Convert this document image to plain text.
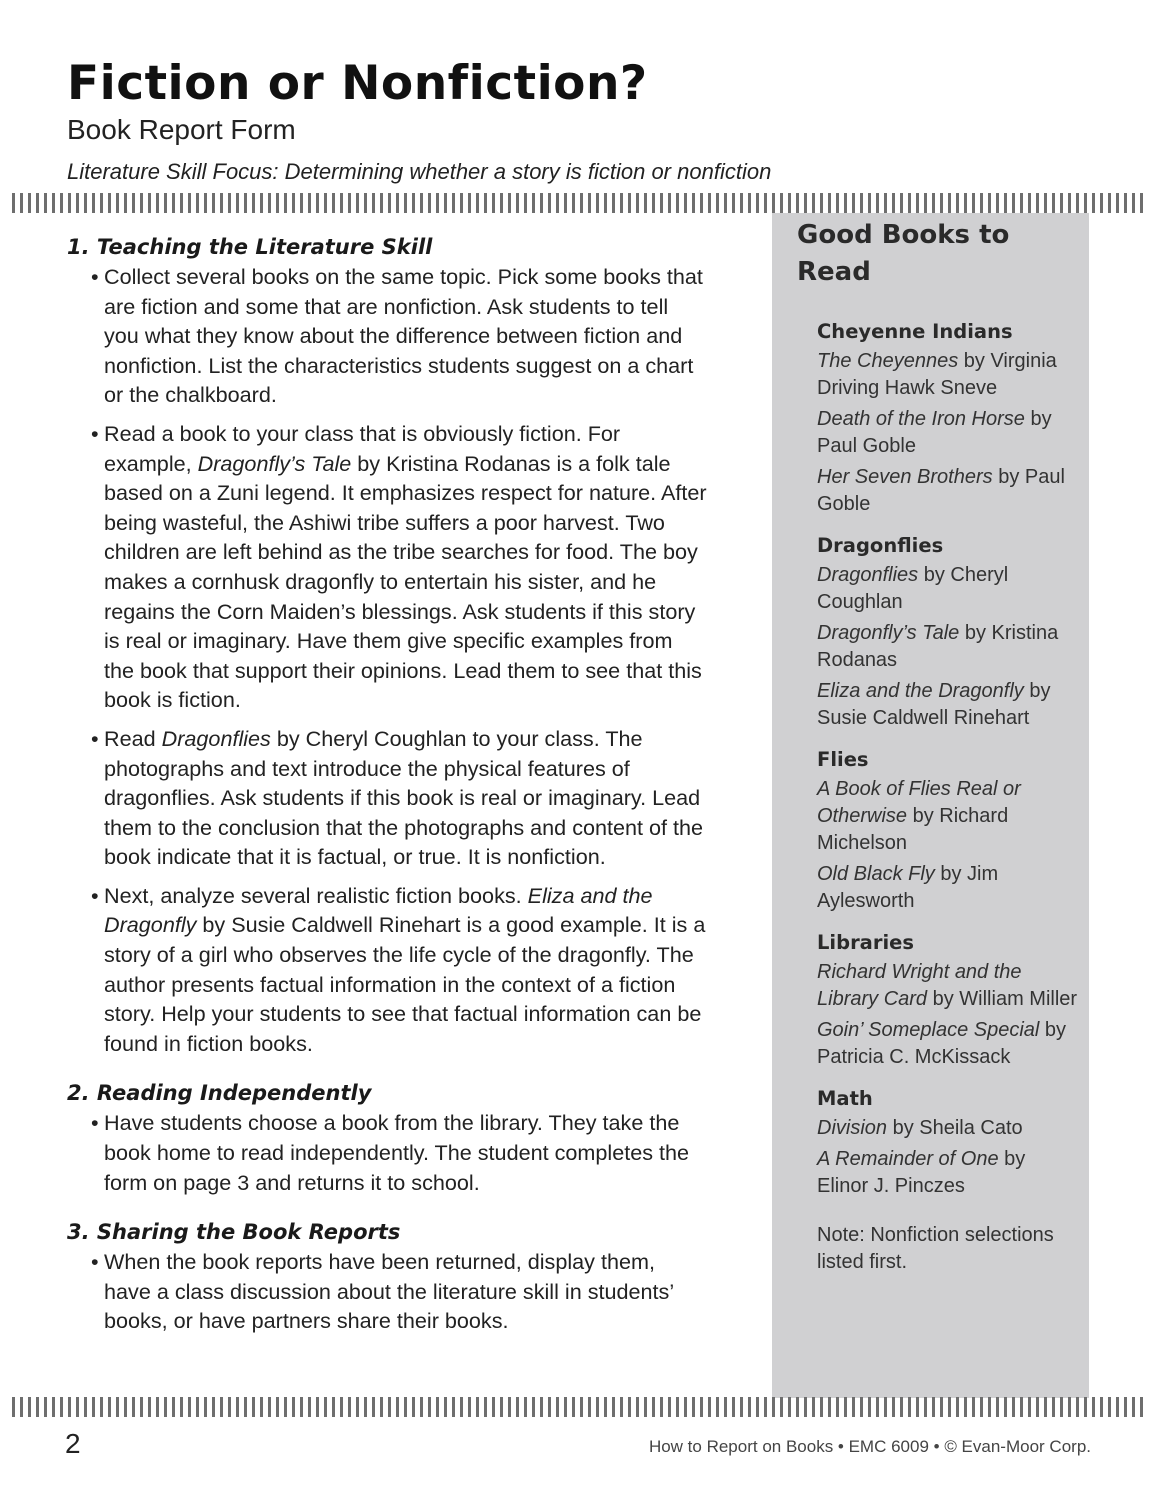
Fiction or Nonfiction?
Book Report Form
Literature Skill Focus: Determining whether a story is fiction or nonfiction
1. Teaching the Literature Skill
• Collect several books on the same topic. Pick some books that are fiction and some that are nonfiction. Ask students to tell you what they know about the difference between fiction and nonfiction. List the characteristics students suggest on a chart or the chalkboard.
• Read a book to your class that is obviously fiction. For example, Dragonfly’s Tale by Kristina Rodanas is a folk tale based on a Zuni legend. It emphasizes respect for nature. After being wasteful, the Ashiwi tribe suffers a poor harvest. Two children are left behind as the tribe searches for food. The boy makes a cornhusk dragonfly to entertain his sister, and he regains the Corn Maiden’s blessings. Ask students if this story is real or imaginary. Have them give specific examples from the book that support their opinions. Lead them to see that this book is fiction.
• Read Dragonflies by Cheryl Coughlan to your class. The photographs and text introduce the physical features of dragonflies. Ask students if this book is real or imaginary. Lead them to the conclusion that the photographs and content of the book indicate that it is factual, or true. It is nonfiction.
• Next, analyze several realistic fiction books. Eliza and the Dragonfly by Susie Caldwell Rinehart is a good example. It is a story of a girl who observes the life cycle of the dragonfly. The author presents factual information in the context of a fiction story. Help your students to see that factual information can be found in fiction books.
2. Reading Independently
• Have students choose a book from the library. They take the book home to read independently. The student completes the form on page 3 and returns it to school.
3. Sharing the Book Reports
• When the book reports have been returned, display them, have a class discussion about the literature skill in students’ books, or have partners share their books.
Good Books to Read
Cheyenne Indians
The Cheyennes by Virginia Driving Hawk Sneve
Death of the Iron Horse by Paul Goble
Her Seven Brothers by Paul Goble
Dragonflies
Dragonflies by Cheryl Coughlan
Dragonfly’s Tale by Kristina Rodanas
Eliza and the Dragonfly by Susie Caldwell Rinehart
Flies
A Book of Flies Real or Otherwise by Richard Michelson
Old Black Fly by Jim Aylesworth
Libraries
Richard Wright and the Library Card by William Miller
Goin’ Someplace Special by Patricia C. McKissack
Math
Division by Sheila Cato
A Remainder of One by Elinor J. Pinczes
Note: Nonfiction selections listed first.
2	How to Report on Books • EMC 6009 • © Evan-Moor Corp.
